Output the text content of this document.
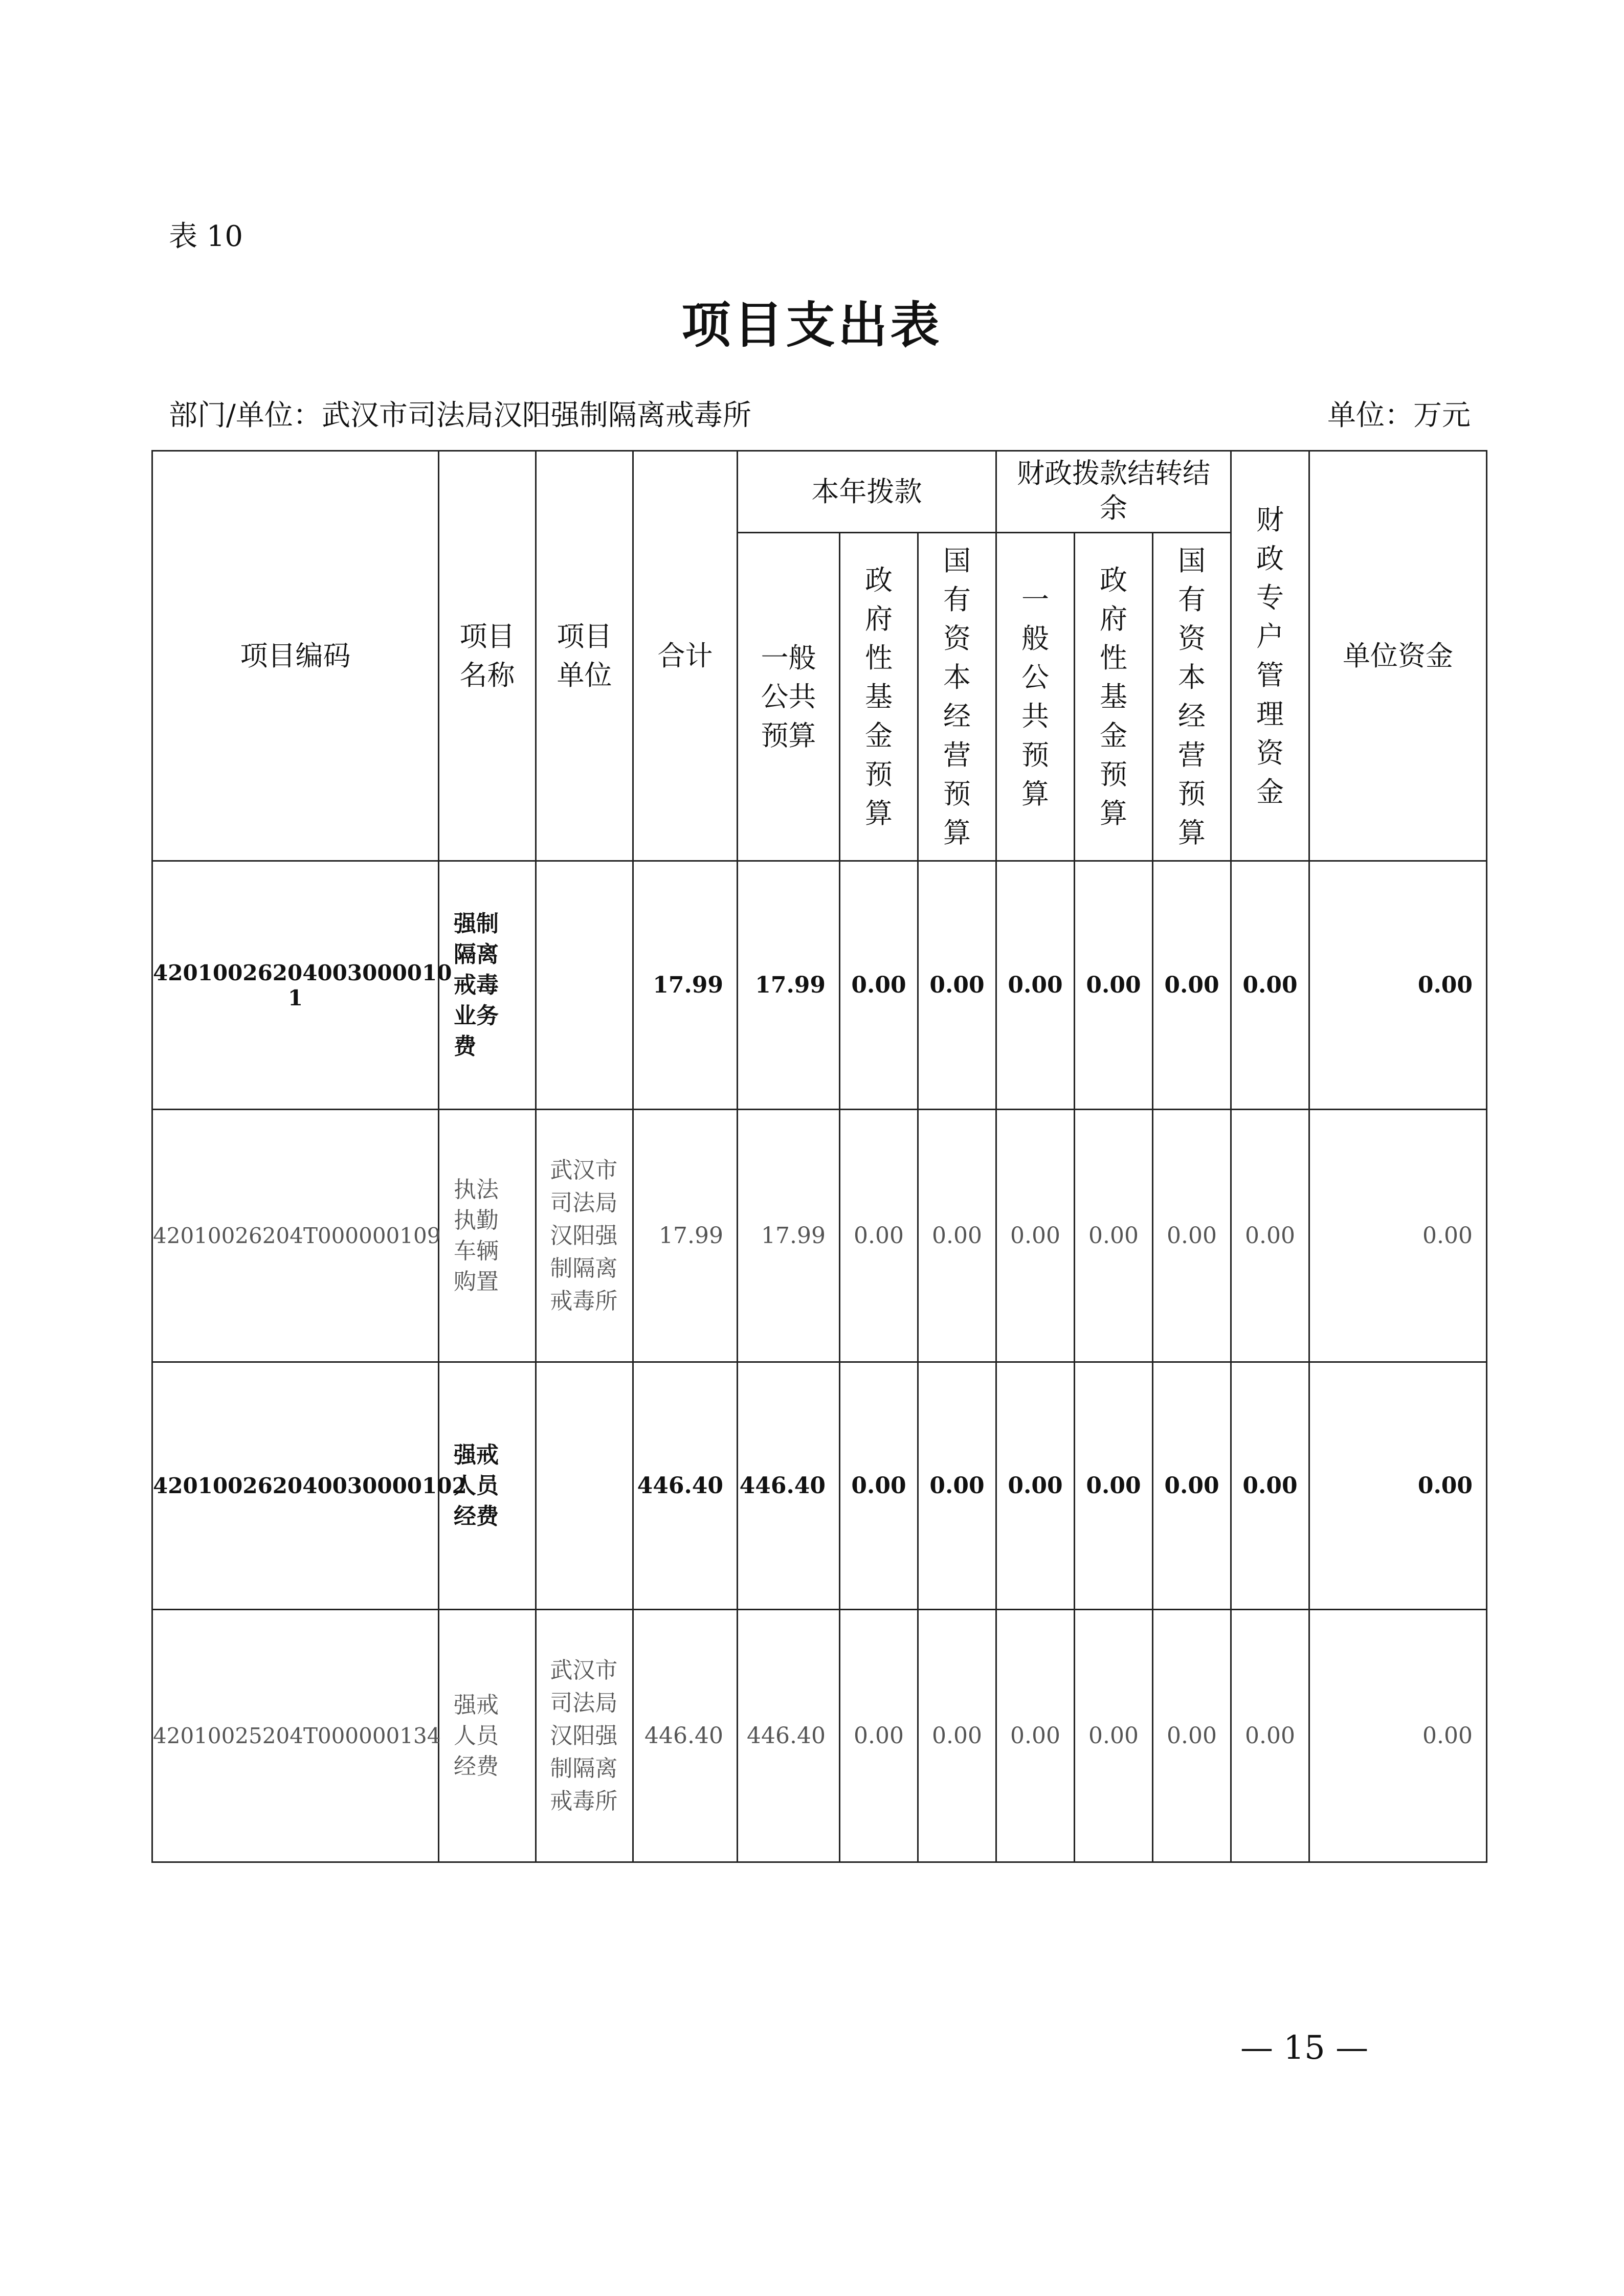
表 10
项目支出表
部门/单位：武汉市司法局汉阳强制隔离戒毒所	单位：万元
项目编码	项目名称	项目单位	合计	本年拨款			财政拨款结转结余			财政专户管理资金	单位资金
				一般公共预算	政府性基金预算	国有资本经营预算	一般公共预算	政府性基金预算	国有资本经营预算		
42010026204003000010 1	强制隔离戒毒业务费		17.99	17.99	0.00	0.00	0.00	0.00	0.00	0.00	0.00
42010026204T000000109	执法执勤车辆购置	武汉市司法局汉阳强制隔离戒毒所	17.99	17.99	0.00	0.00	0.00	0.00	0.00	0.00	0.00
420100262040030000102	强戒人员经费		446.40	446.40	0.00	0.00	0.00	0.00	0.00	0.00	0.00
42010025204T000000134	强戒人员经费	武汉市司法局汉阳强制隔离戒毒所	446.40	446.40	0.00	0.00	0.00	0.00	0.00	0.00	0.00
— 15 —
